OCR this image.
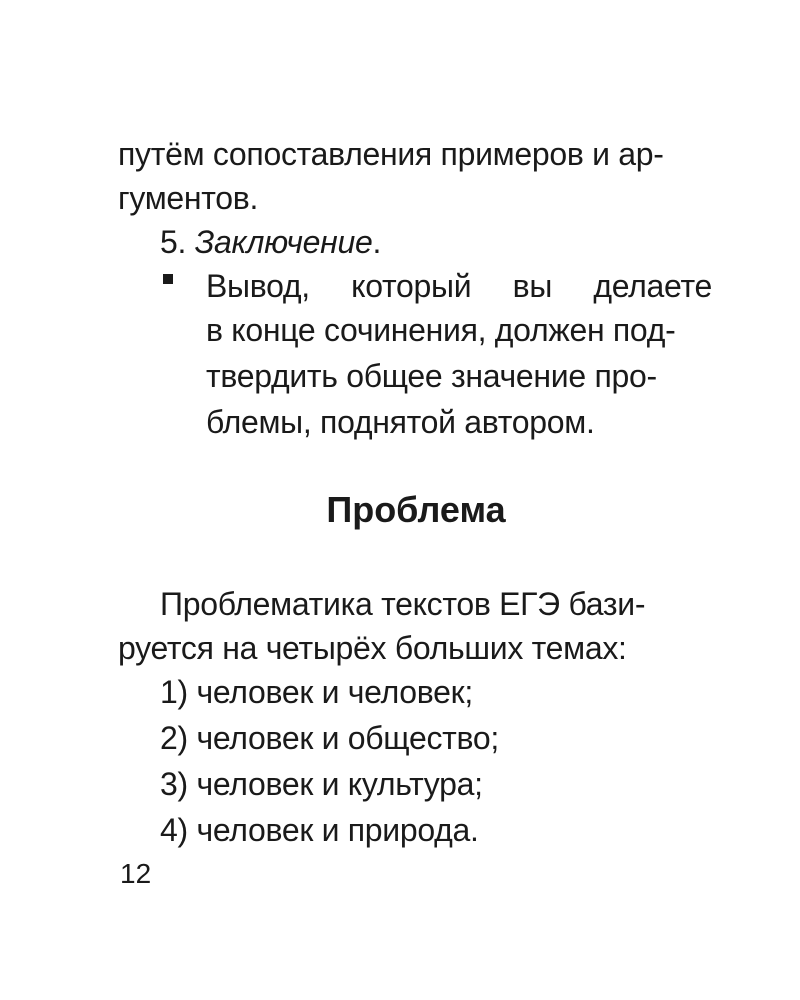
путём сопоставления примеров и ар-
гументов.
5. Заключение.
Вывод, который вы делаете
в конце сочинения, должен под-
твердить общее значение про-
блемы, поднятой автором.
Проблема
Проблематика текстов ЕГЭ бази-
руется на четырёх больших темах:
1) человек и человек;
2) человек и общество;
3) человек и культура;
4) человек и природа.
12
